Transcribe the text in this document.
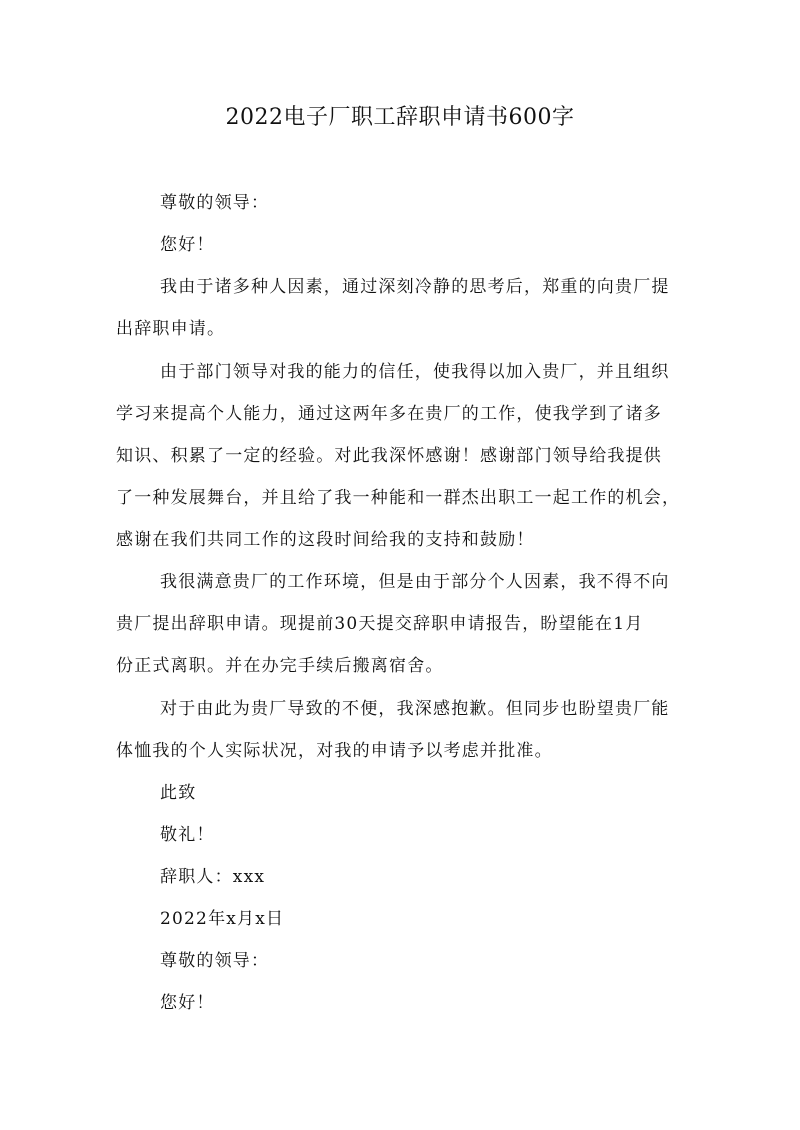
2022电子厂职工辞职申请书600字
尊敬的领导：
您好！
我由于诸多种人因素，通过深刻冷静的思考后，郑重的向贵厂提
出辞职申请。
由于部门领导对我的能力的信任，使我得以加入贵厂，并且组织
学习来提高个人能力，通过这两年多在贵厂的工作，使我学到了诸多
知识、积累了一定的经验。对此我深怀感谢！感谢部门领导给我提供
了一种发展舞台，并且给了我一种能和一群杰出职工一起工作的机会，
感谢在我们共同工作的这段时间给我的支持和鼓励！
我很满意贵厂的工作环境，但是由于部分个人因素，我不得不向
贵厂提出辞职申请。现提前30天提交辞职申请报告，盼望能在1月
份正式离职。并在办完手续后搬离宿舍。
对于由此为贵厂导致的不便，我深感抱歉。但同步也盼望贵厂能
体恤我的个人实际状况，对我的申请予以考虑并批准。
此致
敬礼！
辞职人：xxx
2022年x月x日
尊敬的领导：
您好！
